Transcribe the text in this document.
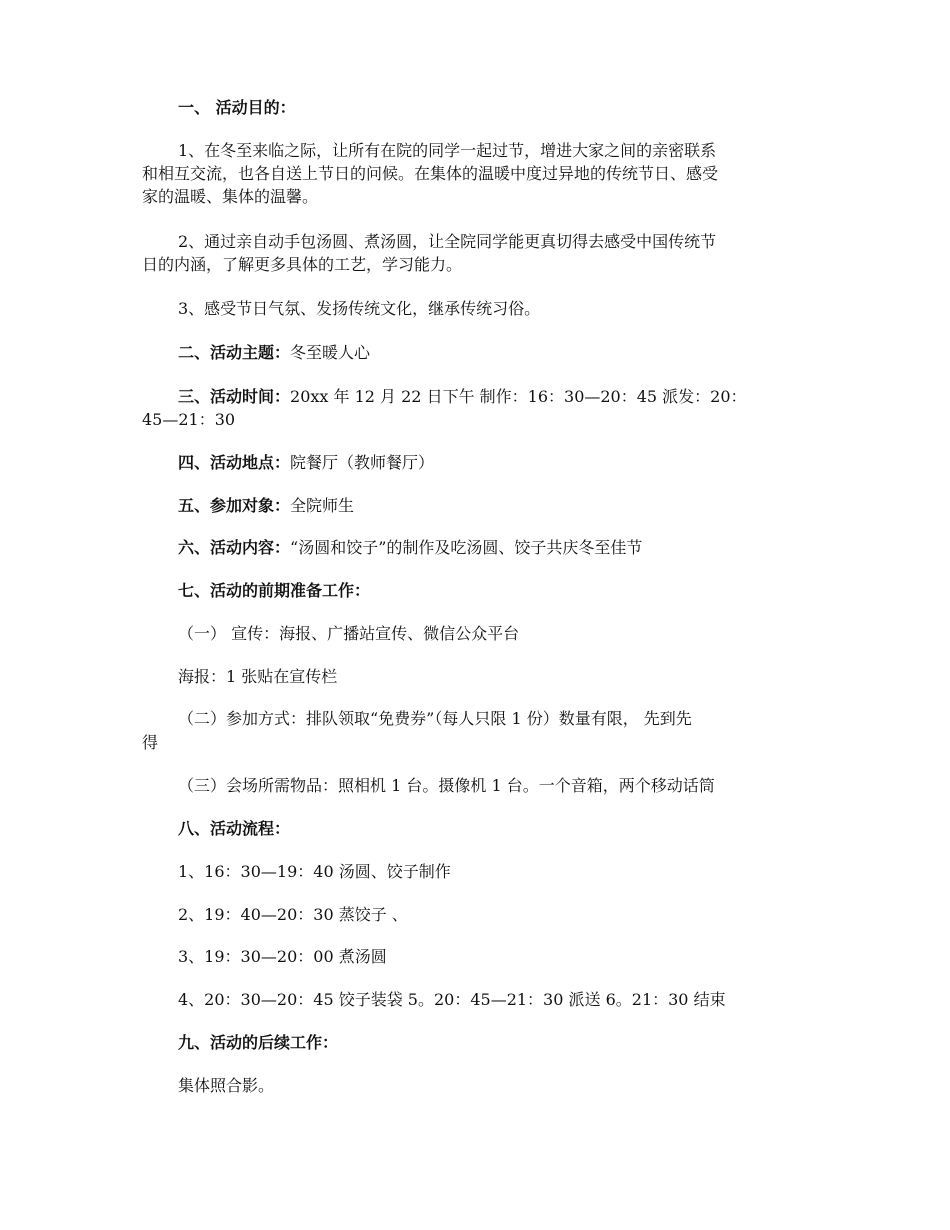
一、 活动目的：
1、在冬至来临之际，让所有在院的同学一起过节，增进大家之间的亲密联系
和相互交流，也各自送上节日的问候。在集体的温暖中度过异地的传统节日、感受
家的温暖、集体的温馨。
2、通过亲自动手包汤圆、煮汤圆，让全院同学能更真切得去感受中国传统节
日的内涵，了解更多具体的工艺，学习能力。
3、感受节日气氛、发扬传统文化，继承传统习俗。
二、活动主题：冬至暖人心
三、活动时间：20xx 年 12 月 22 日下午 制作：16：30—20：45 派发：20：
45—21：30
四、活动地点：院餐厅（教师餐厅）
五、参加对象：全院师生
六、活动内容：“汤圆和饺子”的制作及吃汤圆、饺子共庆冬至佳节
七、活动的前期准备工作：
（一） 宣传：海报、广播站宣传、微信公众平台
海报：1 张贴在宣传栏
（二）参加方式：排队领取“免费券”（每人只限 1 份）数量有限， 先到先
得
（三）会场所需物品：照相机 1 台。摄像机 1 台。一个音箱，两个移动话筒
八、活动流程：
1、16：30—19：40 汤圆、饺子制作
2、19：40—20：30 蒸饺子 、
3、19：30—20：00 煮汤圆
4、20：30—20：45 饺子装袋 5。20：45—21：30 派送 6。21：30 结束
九、活动的后续工作：
集体照合影。
